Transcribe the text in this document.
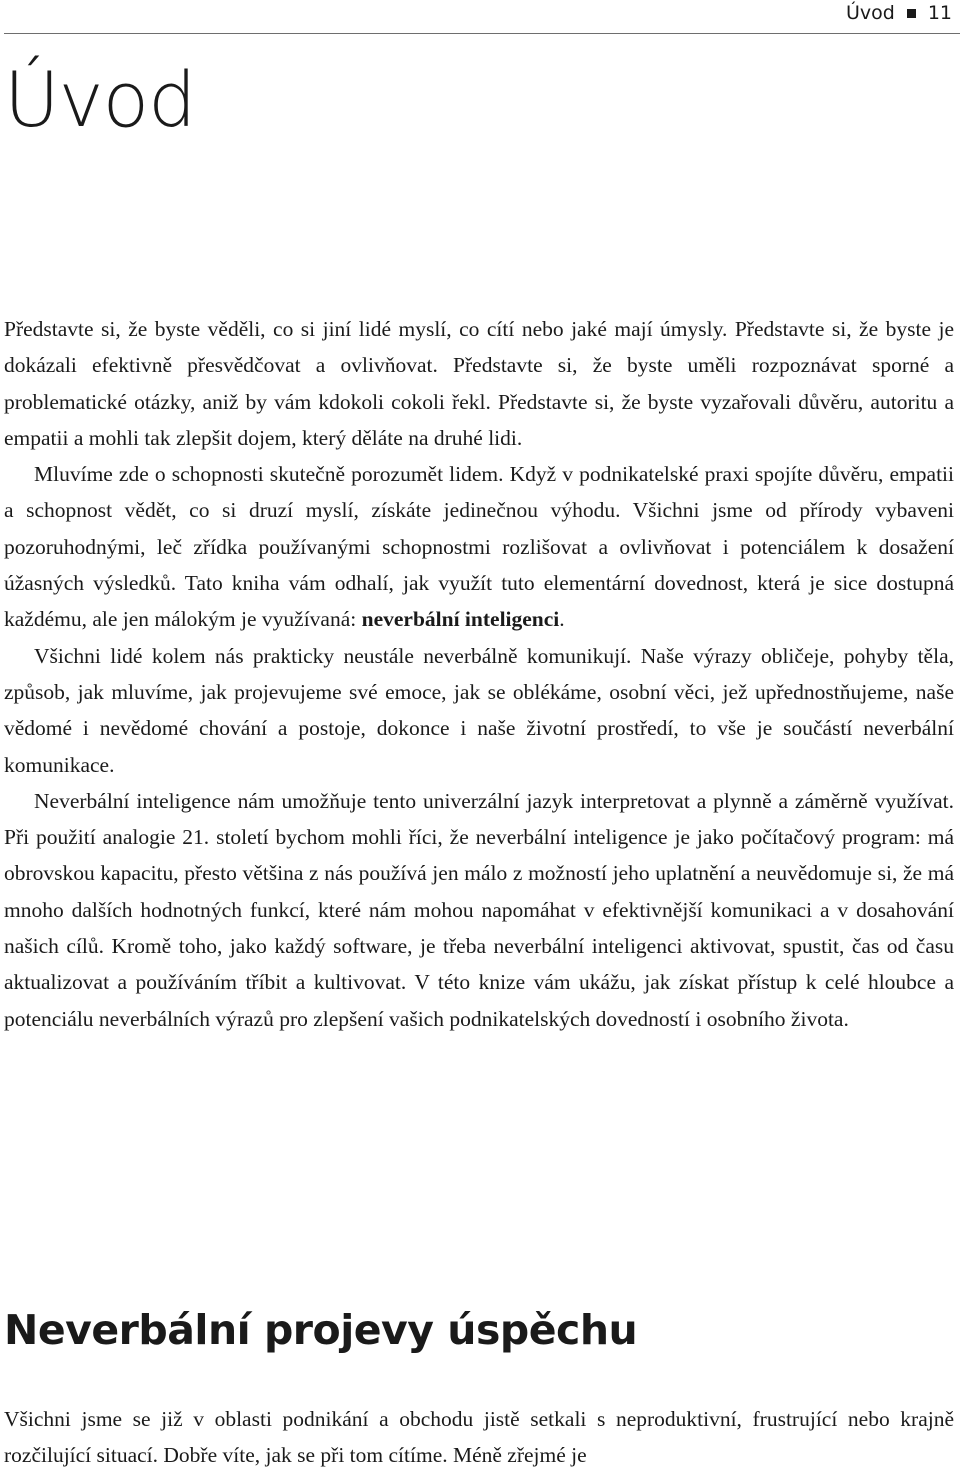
Úvod 11
Úvod

Představte si, že byste věděli, co si jiní lidé myslí, co cítí nebo jaké mají úmysly. Představte si, že byste je dokázali efektivně přesvědčovat a ovlivňovat. Představte si, že byste uměli rozpoznávat sporné a problematické otázky, aniž by vám kdokoli cokoli řekl. Představte si, že byste vyzařovali důvěru, autoritu a empatii a mohli tak zlepšit dojem, který děláte na druhé lidi.

Mluvíme zde o schopnosti skutečně porozumět lidem. Když v podnikatelské praxi spojíte důvěru, empatii a schopnost vědět, co si druzí myslí, získáte jedinečnou výhodu. Všichni jsme od přírody vybaveni pozoruhodnými, leč zřídka používanými schopnostmi rozlišovat a ovlivňovat i potenciálem k dosažení úžasných výsledků. Tato kniha vám odhalí, jak využít tuto elementární dovednost, která je sice dostupná každému, ale jen málokým je využívaná: neverbální inteligenci.

Všichni lidé kolem nás prakticky neustále neverbálně komunikují. Naše výrazy obličeje, pohyby těla, způsob, jak mluvíme, jak projevujeme své emoce, jak se oblékáme, osobní věci, jež upřednostňujeme, naše vědomé i nevědomé chování a postoje, dokonce i naše životní prostředí, to vše je součástí neverbální komunikace.

Neverbální inteligence nám umožňuje tento univerzální jazyk interpretovat a plynně a záměrně využívat. Při použití analogie 21. století bychom mohli říci, že neverbální inteligence je jako počítačový program: má obrovskou kapacitu, přesto většina z nás používá jen málo z možností jeho uplatnění a neuvědomuje si, že má mnoho dalších hodnotných funkcí, které nám mohou napomáhat v efektivnější komunikaci a v dosahování našich cílů. Kromě toho, jako každý software, je třeba neverbální inteligenci aktivovat, spustit, čas od času aktualizovat a používáním tříbit a kultivovat. V této knize vám ukážu, jak získat přístup k celé hloubce a potenciálu neverbálních výrazů pro zlepšení vašich podnikatelských dovedností i osobního života.

Neverbální projevy úspěchu

Všichni jsme se již v oblasti podnikání a obchodu jistě setkali s neproduktivní, frustrující nebo krajně rozčilující situací. Dobře víte, jak se při tom cítíme. Méně zřejmé je
